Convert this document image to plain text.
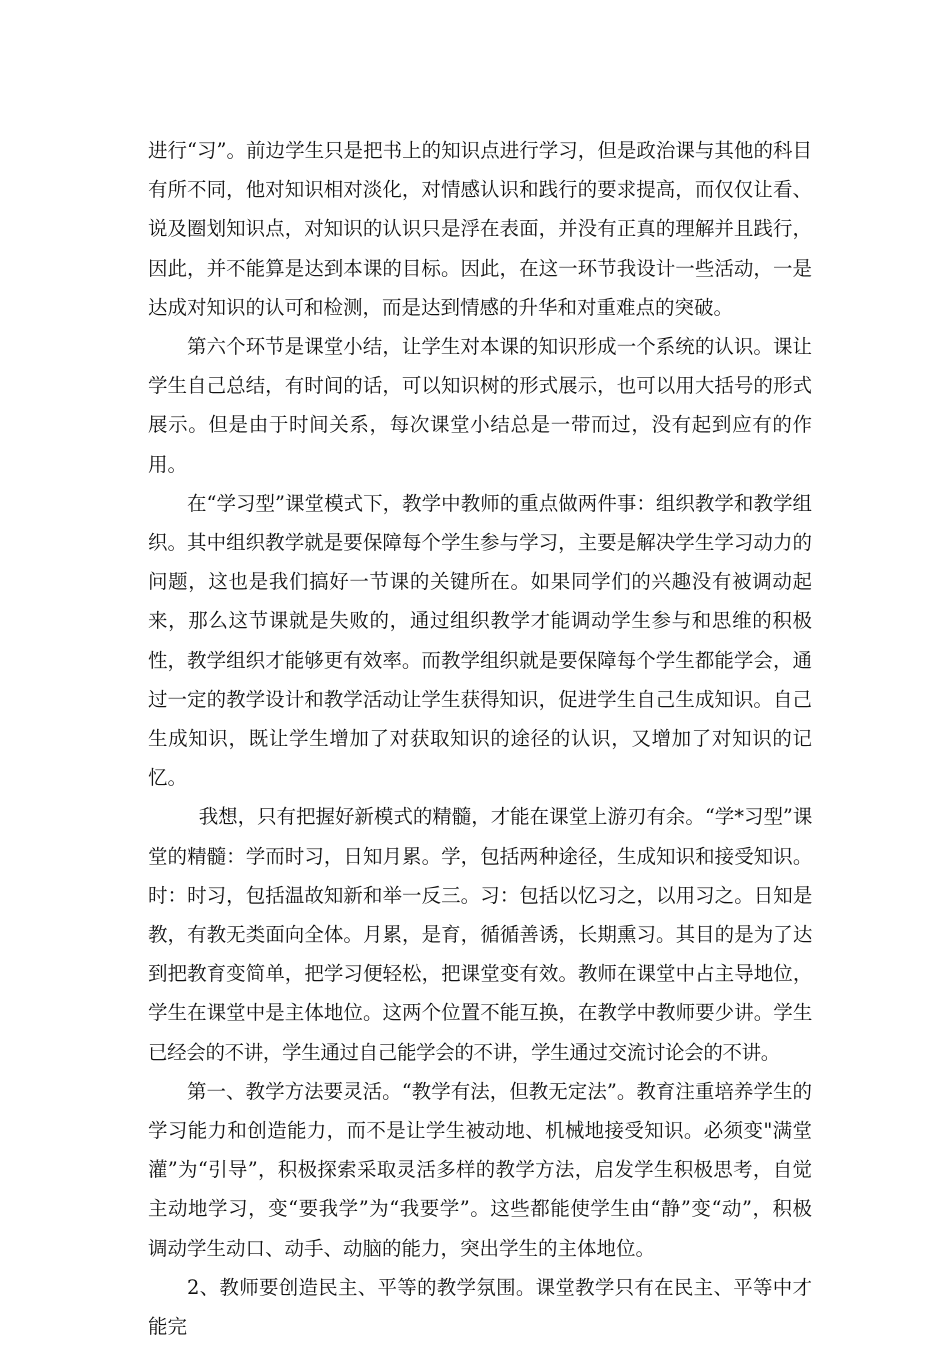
进行“习”。前边学生只是把书上的知识点进行学习，但是政治课与其他的科目有所不同，他对知识相对淡化，对情感认识和践行的要求提高，而仅仅让看、说及圈划知识点，对知识的认识只是浮在表面，并没有正真的理解并且践行，因此，并不能算是达到本课的目标。因此，在这一环节我设计一些活动，一是达成对知识的认可和检测，而是达到情感的升华和对重难点的突破。

第六个环节是课堂小结，让学生对本课的知识形成一个系统的认识。课让学生自己总结，有时间的话，可以知识树的形式展示，也可以用大括号的形式展示。但是由于时间关系，每次课堂小结总是一带而过，没有起到应有的作用。

在“学习型”课堂模式下，教学中教师的重点做两件事：组织教学和教学组织。其中组织教学就是要保障每个学生参与学习，主要是解决学生学习动力的问题，这也是我们搞好一节课的关键所在。如果同学们的兴趣没有被调动起来，那么这节课就是失败的，通过组织教学才能调动学生参与和思维的积极性，教学组织才能够更有效率。而教学组织就是要保障每个学生都能学会，通过一定的教学设计和教学活动让学生获得知识，促进学生自己生成知识。自己生成知识，既让学生增加了对获取知识的途径的认识，又增加了对知识的记忆。

我想，只有把握好新模式的精髓，才能在课堂上游刃有余。“学*习型”课堂的精髓：学而时习，日知月累。学，包括两种途径，生成知识和接受知识。时：时习，包括温故知新和举一反三。习：包括以忆习之，以用习之。日知是教，有教无类面向全体。月累，是育，循循善诱，长期熏习。其目的是为了达到把教育变简单，把学习便轻松，把课堂变有效。教师在课堂中占主导地位，学生在课堂中是主体地位。这两个位置不能互换，在教学中教师要少讲。学生已经会的不讲，学生通过自己能学会的不讲，学生通过交流讨论会的不讲。

第一、教学方法要灵活。“教学有法，但教无定法”。教育注重培养学生的学习能力和创造能力，而不是让学生被动地、机械地接受知识。必须变"满堂灌”为“引导”，积极探索采取灵活多样的教学方法，启发学生积极思考，自觉主动地学习，变“要我学”为“我要学”。这些都能使学生由“静”变“动”，积极调动学生动口、动手、动脑的能力，突出学生的主体地位。

2、教师要创造民主、平等的教学氛围。课堂教学只有在民主、平等中才能完
